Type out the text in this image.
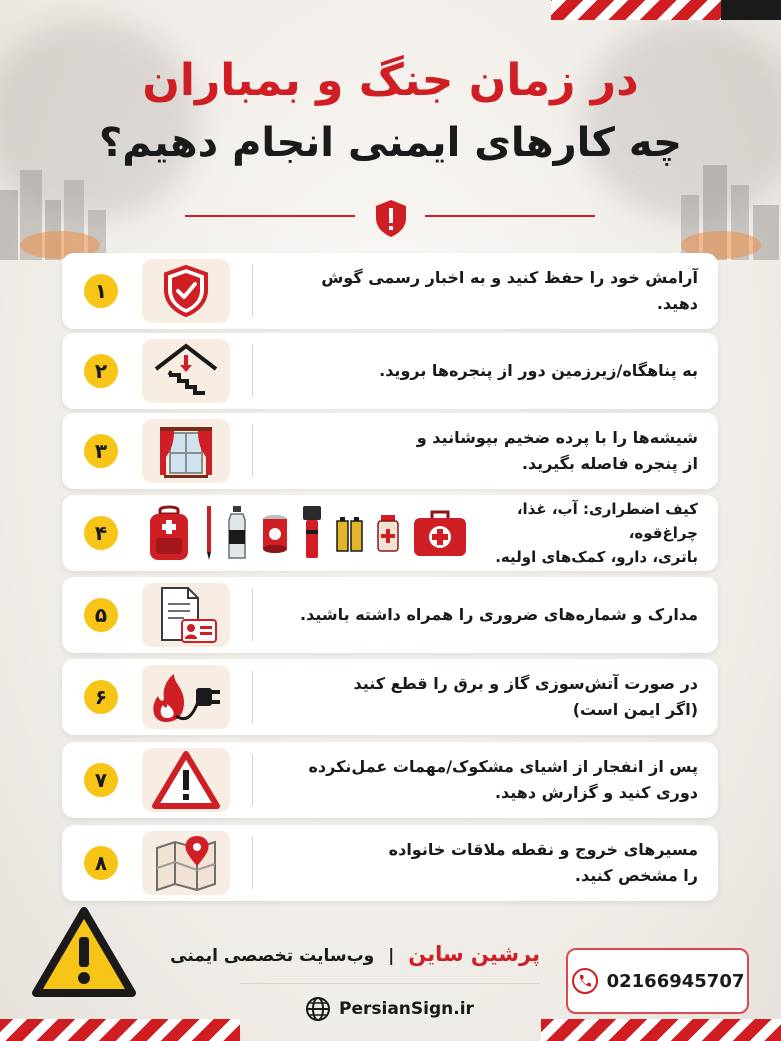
در زمان جنگ و بمباران
چه کارهای ایمنی انجام دهیم؟
۱
آرامش خود را حفظ کنید و به اخبار رسمی گوش دهید.
۲	به پناهگاه/زیرزمین دور از پنجره‌ها بروید.
۳
شیشه‌ها را با پرده ضخیم بپوشانید و
از پنجره فاصله بگیرید.
۴
کیف اضطراری: آب، غذا، چراغ‌قوه،
باتری، دارو، کمک‌های اولیه.
۵	مدارک و شماره‌های ضروری را همراه داشته باشید.
۶
در صورت آتش‌سوزی گاز و برق را قطع کنید
(اگر ایمن است)
۷
پس از انفجار از اشیای مشکوک/مهمات عمل‌نکرده
دوری کنید و گزارش دهید.
۸
مسیرهای خروج و نقطه ملاقات خانواده
را مشخص کنید.
پرشین ساین | وب‌سایت تخصصی ایمنی
PersianSign.ir
02166945707
